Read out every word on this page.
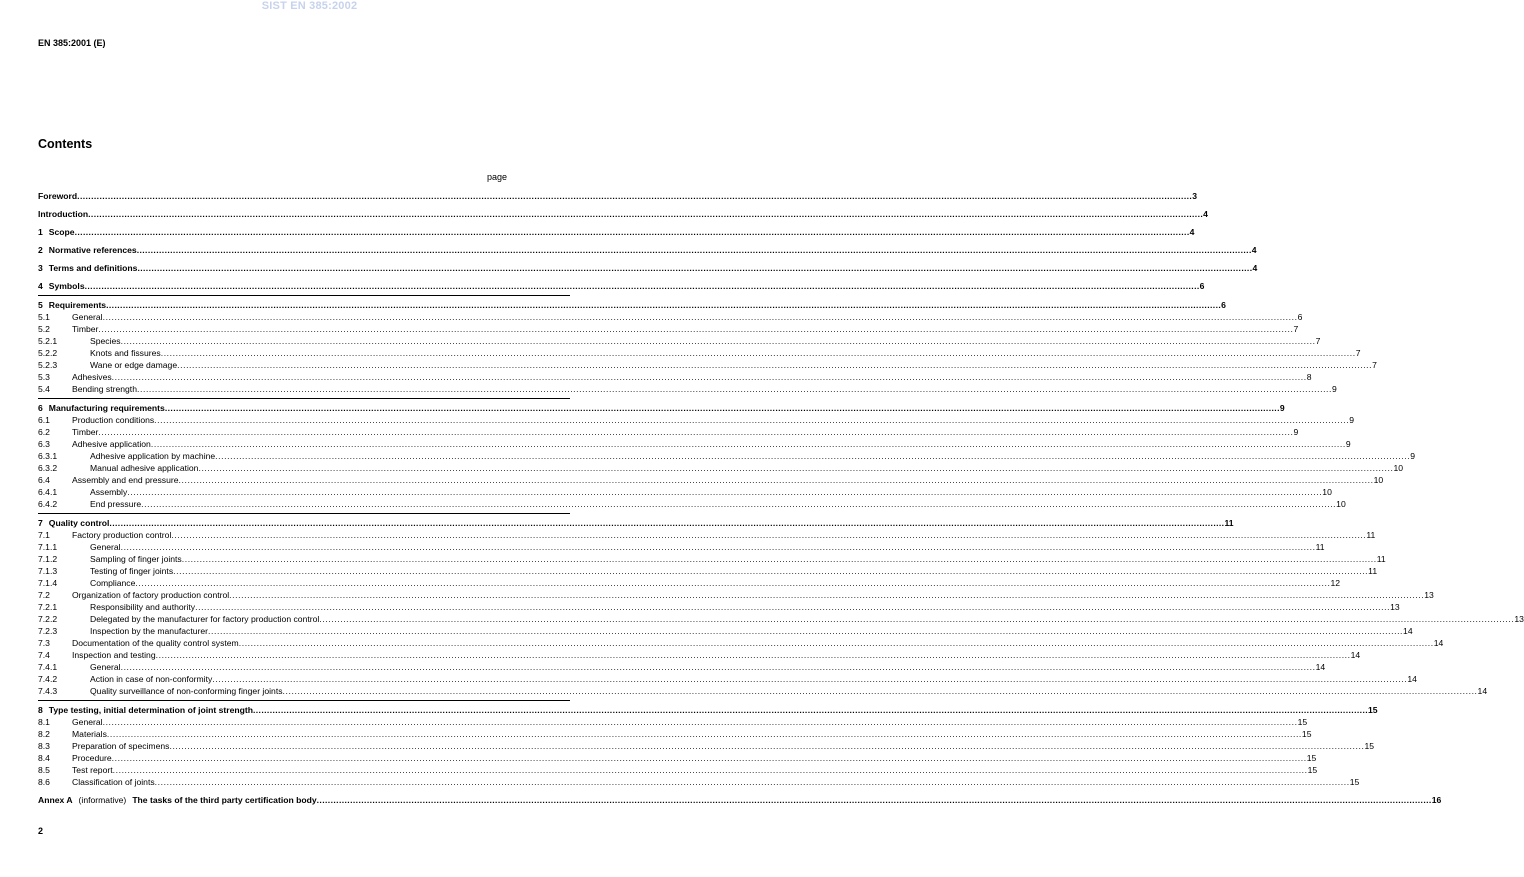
SIST EN 385:2002
EN 385:2001 (E)
Contents
page
Foreword ................................................................................................................................................................................................................................................................................................................................................................................................................ 3
Introduction ................................................................................................................................................................................................................................................................................................................................................................................................................ 4
1 Scope ................................................................................................................................................................................................................................................................................................................................................................................................................ 4
2 Normative references ................................................................................................................................................................................................................................................................................................................................................................................................................ 4
3 Terms and definitions ................................................................................................................................................................................................................................................................................................................................................................................................................ 4
4 Symbols ................................................................................................................................................................................................................................................................................................................................................................................................................ 6
5 Requirements ................................................................................................................................................................................................................................................................................................................................................................................................................ 6
5.1	General ................................................................................................................................................................................................................................................................................................................................................................................................................ 6
5.2	Timber ................................................................................................................................................................................................................................................................................................................................................................................................................ 7
5.2.1	Species ................................................................................................................................................................................................................................................................................................................................................................................................................ 7
5.2.2	Knots and fissures ................................................................................................................................................................................................................................................................................................................................................................................................................ 7
5.2.3	Wane or edge damage ................................................................................................................................................................................................................................................................................................................................................................................................................ 7
5.3	Adhesives ................................................................................................................................................................................................................................................................................................................................................................................................................ 8
5.4	Bending strength ................................................................................................................................................................................................................................................................................................................................................................................................................ 9
6 Manufacturing requirements ................................................................................................................................................................................................................................................................................................................................................................................................................ 9
6.1	Production conditions ................................................................................................................................................................................................................................................................................................................................................................................................................ 9
6.2	Timber ................................................................................................................................................................................................................................................................................................................................................................................................................ 9
6.3	Adhesive application ................................................................................................................................................................................................................................................................................................................................................................................................................ 9
6.3.1	Adhesive application by machine ................................................................................................................................................................................................................................................................................................................................................................................................................ 9
6.3.2	Manual adhesive application ................................................................................................................................................................................................................................................................................................................................................................................................................ 10
6.4	Assembly and end pressure ................................................................................................................................................................................................................................................................................................................................................................................................................ 10
6.4.1	Assembly ................................................................................................................................................................................................................................................................................................................................................................................................................ 10
6.4.2	End pressure ................................................................................................................................................................................................................................................................................................................................................................................................................ 10
7 Quality control ................................................................................................................................................................................................................................................................................................................................................................................................................ 11
7.1	Factory production control ................................................................................................................................................................................................................................................................................................................................................................................................................ 11
7.1.1	General ................................................................................................................................................................................................................................................................................................................................................................................................................ 11
7.1.2	Sampling of finger joints ................................................................................................................................................................................................................................................................................................................................................................................................................ 11
7.1.3	Testing of finger joints ................................................................................................................................................................................................................................................................................................................................................................................................................ 11
7.1.4	Compliance ................................................................................................................................................................................................................................................................................................................................................................................................................ 12
7.2	Organization of factory production control ................................................................................................................................................................................................................................................................................................................................................................................................................ 13
7.2.1	Responsibility and authority ................................................................................................................................................................................................................................................................................................................................................................................................................ 13
7.2.2	Delegated by the manufacturer for factory production control ................................................................................................................................................................................................................................................................................................................................................................................................................ 13
7.2.3	Inspection by the manufacturer ................................................................................................................................................................................................................................................................................................................................................................................................................ 14
7.3	Documentation of the quality control system ................................................................................................................................................................................................................................................................................................................................................................................................................ 14
7.4	Inspection and testing ................................................................................................................................................................................................................................................................................................................................................................................................................ 14
7.4.1	General ................................................................................................................................................................................................................................................................................................................................................................................................................ 14
7.4.2	Action in case of non-conformity ................................................................................................................................................................................................................................................................................................................................................................................................................ 14
7.4.3	Quality surveillance of non-conforming finger joints ................................................................................................................................................................................................................................................................................................................................................................................................................ 14
8 Type testing, initial determination of joint strength ................................................................................................................................................................................................................................................................................................................................................................................................................ 15
8.1	General ................................................................................................................................................................................................................................................................................................................................................................................................................ 15
8.2	Materials ................................................................................................................................................................................................................................................................................................................................................................................................................ 15
8.3	Preparation of specimens ................................................................................................................................................................................................................................................................................................................................................................................................................ 15
8.4	Procedure ................................................................................................................................................................................................................................................................................................................................................................................................................ 15
8.5	Test report ................................................................................................................................................................................................................................................................................................................................................................................................................ 15
8.6	Classification of joints ................................................................................................................................................................................................................................................................................................................................................................................................................ 15
Annex A (informative) The tasks of the third party certification body ................................................................................................................................................................................................................................................................................................................................................................................................................ 16
2
